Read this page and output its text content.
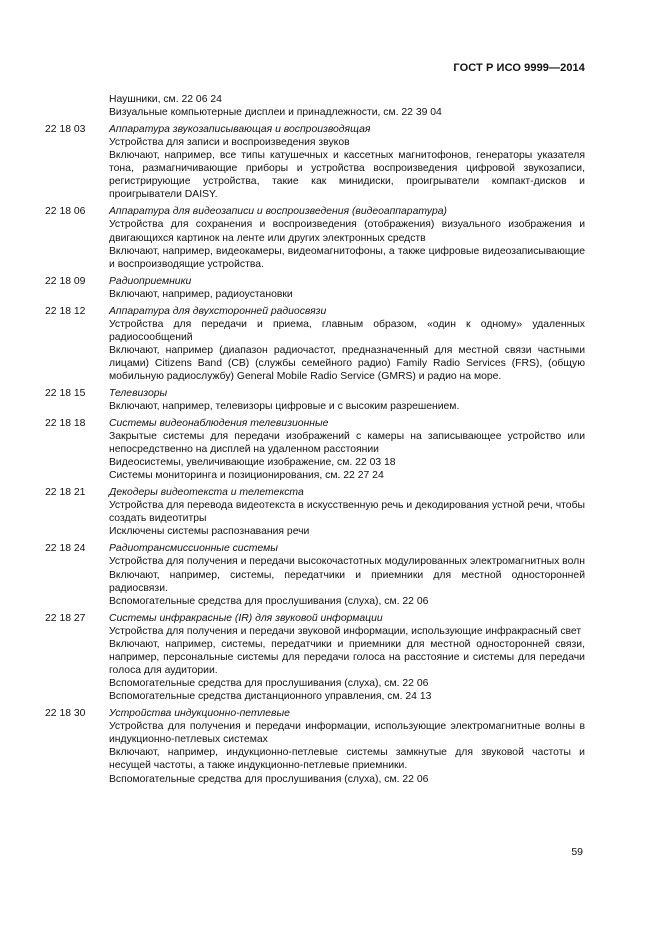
ГОСТ Р ИСО 9999—2014

Наушники, см. 22 06 24

Визуальные компьютерные дисплеи и принадлежности, см. 22 39 04

22 18 03	Аппаратура звукозаписывающая и воспроизводящая

Устройства для записи и воспроизведения звуков

Включают, например, все типы катушечных и кассетных магнитофонов, генераторы указателя тона, размагничивающие приборы и устройства воспроизведения цифровой звукозаписи, регистрирующие устройства, такие как минидиски, проигрыватели компакт-дисков и проигрыватели DAISY.

22 18 06	Аппаратура для видеозаписи и воспроизведения (видеоаппаратура)

Устройства для сохранения и воспроизведения (отображения) визуального изображения и двигающихся картинок на ленте или других электронных средств

Включают, например, видеокамеры, видеомагнитофоны, а также цифровые видеозаписывающие и воспроизводящие устройства.

22 18 09	Радиоприемники

Включают, например, радиоустановки

22 18 12	Аппаратура для двухсторонней радиосвязи

Устройства для передачи и приема, главным образом, «один к одному» удаленных радиосообщений

Включают, например (диапазон радиочастот, предназначенный для местной связи частными лицами) Citizens Band (CB) (службы семейного радио) Family Radio Services (FRS), (общую мобильную радиослужбу) General Mobile Radio Service (GMRS) и радио на море.

22 18 15	Телевизоры

Включают, например, телевизоры цифровые и с высоким разрешением.

22 18 18	Системы видеонаблюдения телевизионные

Закрытые системы для передачи изображений с камеры на записывающее устройство или непосредственно на дисплей на удаленном расстоянии

Видеосистемы, увеличивающие изображение, см. 22 03 18

Системы мониторинга и позиционирования, см. 22 27 24

22 18 21	Декодеры видеотекста и телетекста

Устройства для перевода видеотекста в искусственную речь и декодирования устной речи, чтобы создать видеотитры

Исключены системы распознавания речи

22 18 24	Радиотрансмиссионные системы

Устройства для получения и передачи высокочастотных модулированных электромагнитных волн

Включают, например, системы, передатчики и приемники для местной односторонней радиосвязи.

Вспомогательные средства для прослушивания (слуха), см. 22 06

22 18 27	Системы инфракрасные (IR) для звуковой информации

Устройства для получения и передачи звуковой информации, использующие инфракрасный свет

Включают, например, системы, передатчики и приемники для местной односторонней связи, например, персональные системы для передачи голоса на расстояние и системы для передачи голоса для аудитории.

Вспомогательные средства для прослушивания (слуха), см. 22 06

Вспомогательные средства дистанционного управления, см. 24 13

22 18 30	Устройства индукционно-петлевые

Устройства для получения и передачи информации, использующие электромагнитные волны в индукционно-петлевых системах

Включают, например, индукционно-петлевые системы замкнутые для звуковой частоты и несущей частоты, а также индукционно-петлевые приемники.

Вспомогательные средства для прослушивания (слуха), см. 22 06

59
